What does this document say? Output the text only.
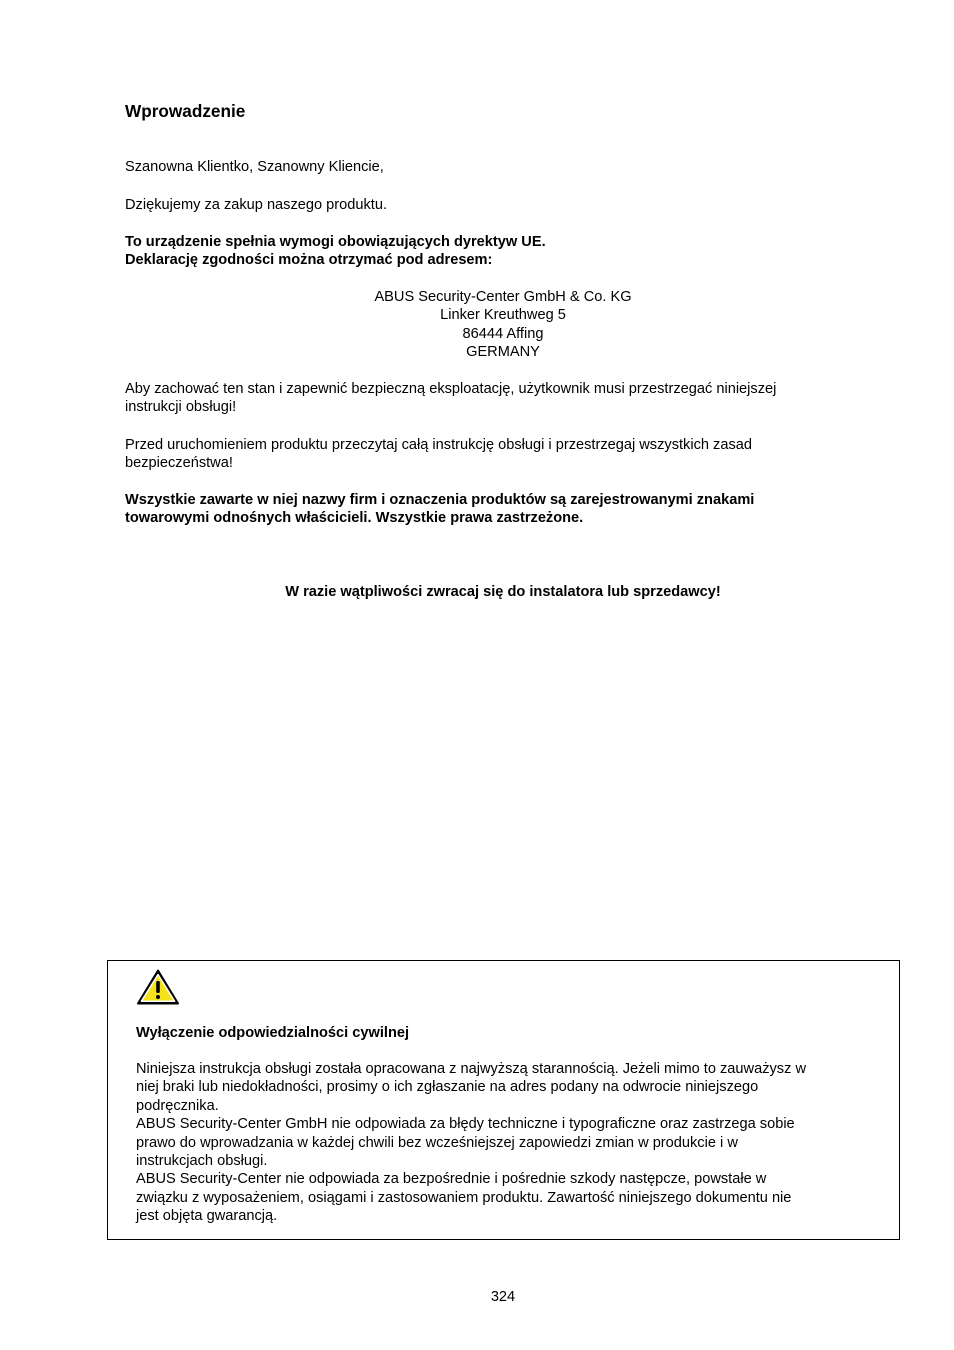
Wprowadzenie

Szanowna Klientko, Szanowny Kliencie,

Dziękujemy za zakup naszego produktu.

To urządzenie spełnia wymogi obowiązujących dyrektyw UE.
Deklarację zgodności można otrzymać pod adresem:

ABUS Security-Center GmbH & Co. KG
Linker Kreuthweg 5
86444 Affing
GERMANY

Aby zachować ten stan i zapewnić bezpieczną eksploatację, użytkownik musi przestrzegać niniejszej
instrukcji obsługi!

Przed uruchomieniem produktu przeczytaj całą instrukcję obsługi i przestrzegaj wszystkich zasad
bezpieczeństwa!

Wszystkie zawarte w niej nazwy firm i oznaczenia produktów są zarejestrowanymi znakami
towarowymi odnośnych właścicieli. Wszystkie prawa zastrzeżone.

W razie wątpliwości zwracaj się do instalatora lub sprzedawcy!
Wyłączenie odpowiedzialności cywilnej
Niniejsza instrukcja obsługi została opracowana z najwyższą starannością. Jeżeli mimo to zauważysz w
niej braki lub niedokładności, prosimy o ich zgłaszanie na adres podany na odwrocie niniejszego
podręcznika.
ABUS Security-Center GmbH nie odpowiada za błędy techniczne i typograficzne oraz zastrzega sobie
prawo do wprowadzania w każdej chwili bez wcześniejszej zapowiedzi zmian w produkcie i w
instrukcjach obsługi.
ABUS Security-Center nie odpowiada za bezpośrednie i pośrednie szkody następcze, powstałe w
związku z wyposażeniem, osiągami i zastosowaniem produktu. Zawartość niniejszego dokumentu nie
jest objęta gwarancją.
324
